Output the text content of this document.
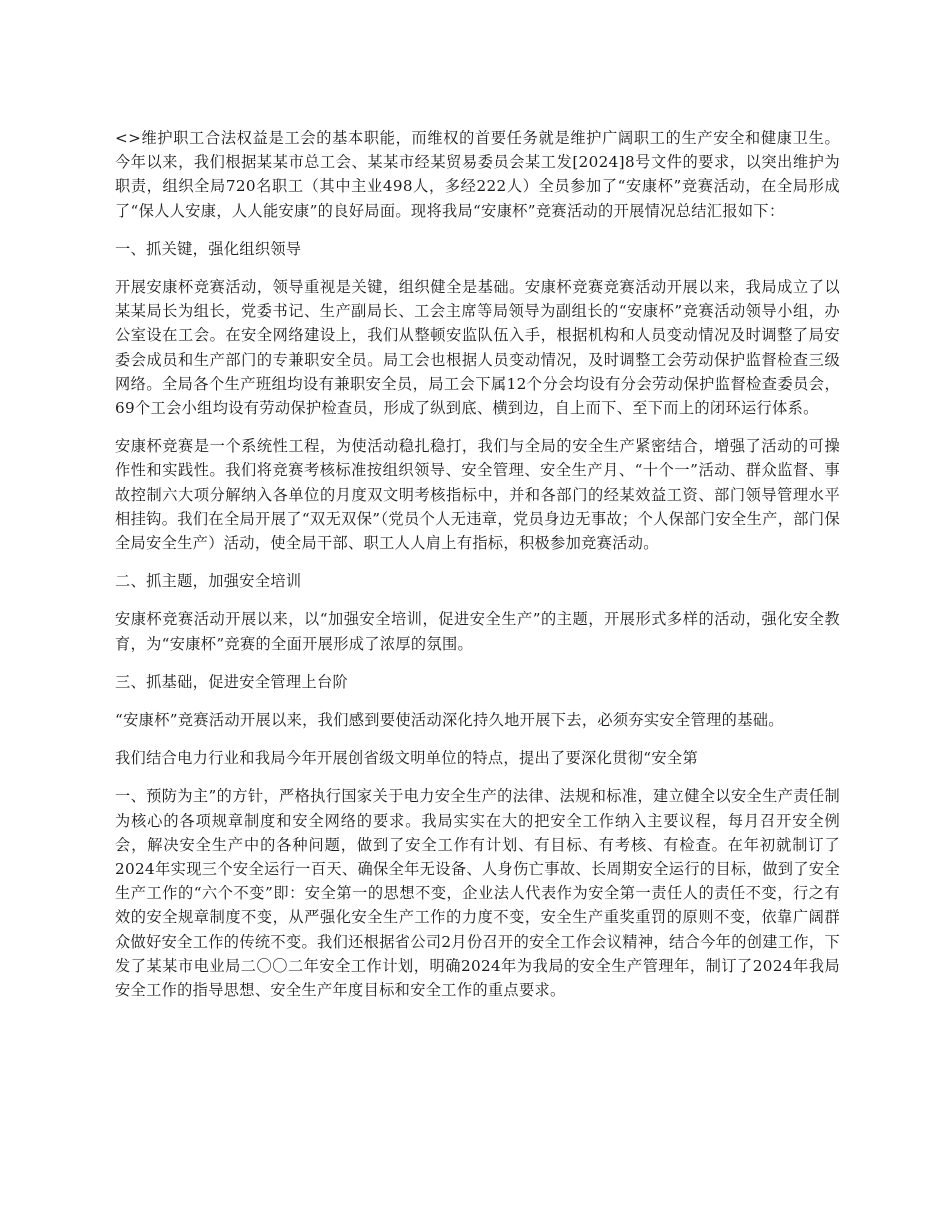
<>维护职工合法权益是工会的基本职能，而维权的首要任务就是维护广阔职工的生产安全和健康卫生。今年以来，我们根据某某市总工会、某某市经某贸易委员会某工发[2024]8号文件的要求，以突出维护为职责，组织全局720名职工（其中主业498人，多经222人）全员参加了“安康杯”竞赛活动，在全局形成了“保人人安康，人人能安康”的良好局面。现将我局“安康杯”竞赛活动的开展情况总结汇报如下：

一、抓关键，强化组织领导

开展安康杯竞赛活动，领导重视是关键，组织健全是基础。安康杯竞赛竞赛活动开展以来，我局成立了以某某局长为组长，党委书记、生产副局长、工会主席等局领导为副组长的“安康杯”竞赛活动领导小组，办公室设在工会。在安全网络建设上，我们从整顿安监队伍入手，根据机构和人员变动情况及时调整了局安委会成员和生产部门的专兼职安全员。局工会也根据人员变动情况，及时调整工会劳动保护监督检查三级网络。全局各个生产班组均设有兼职安全员，局工会下属12个分会均设有分会劳动保护监督检查委员会，69个工会小组均设有劳动保护检查员，形成了纵到底、横到边，自上而下、至下而上的闭环运行体系。

安康杯竞赛是一个系统性工程，为使活动稳扎稳打，我们与全局的安全生产紧密结合，增强了活动的可操作性和实践性。我们将竞赛考核标准按组织领导、安全管理、安全生产月、“十个一”活动、群众监督、事故控制六大项分解纳入各单位的月度双文明考核指标中，并和各部门的经某效益工资、部门领导管理水平相挂钩。我们在全局开展了“双无双保”（党员个人无违章，党员身边无事故；个人保部门安全生产，部门保全局安全生产）活动，使全局干部、职工人人肩上有指标，积极参加竞赛活动。

二、抓主题，加强安全培训

安康杯竞赛活动开展以来，以“加强安全培训，促进安全生产”的主题，开展形式多样的活动，强化安全教育，为“安康杯”竞赛的全面开展形成了浓厚的氛围。

三、抓基础，促进安全管理上台阶

“安康杯”竞赛活动开展以来，我们感到要使活动深化持久地开展下去，必须夯实安全管理的基础。

我们结合电力行业和我局今年开展创省级文明单位的特点，提出了要深化贯彻“安全第

一、预防为主”的方针，严格执行国家关于电力安全生产的法律、法规和标准，建立健全以安全生产责任制为核心的各项规章制度和安全网络的要求。我局实实在大的把安全工作纳入主要议程，每月召开安全例会，解决安全生产中的各种问题，做到了安全工作有计划、有目标、有考核、有检查。在年初就制订了2024年实现三个安全运行一百天、确保全年无设备、人身伤亡事故、长周期安全运行的目标，做到了安全生产工作的“六个不变”即：安全第一的思想不变，企业法人代表作为安全第一责任人的责任不变，行之有效的安全规章制度不变，从严强化安全生产工作的力度不变，安全生产重奖重罚的原则不变，依靠广阔群众做好安全工作的传统不变。我们还根据省公司2月份召开的安全工作会议精神，结合今年的创建工作，下发了某某市电业局二〇〇二年安全工作计划，明确2024年为我局的安全生产管理年，制订了2024年我局安全工作的指导思想、安全生产年度目标和安全工作的重点要求。
